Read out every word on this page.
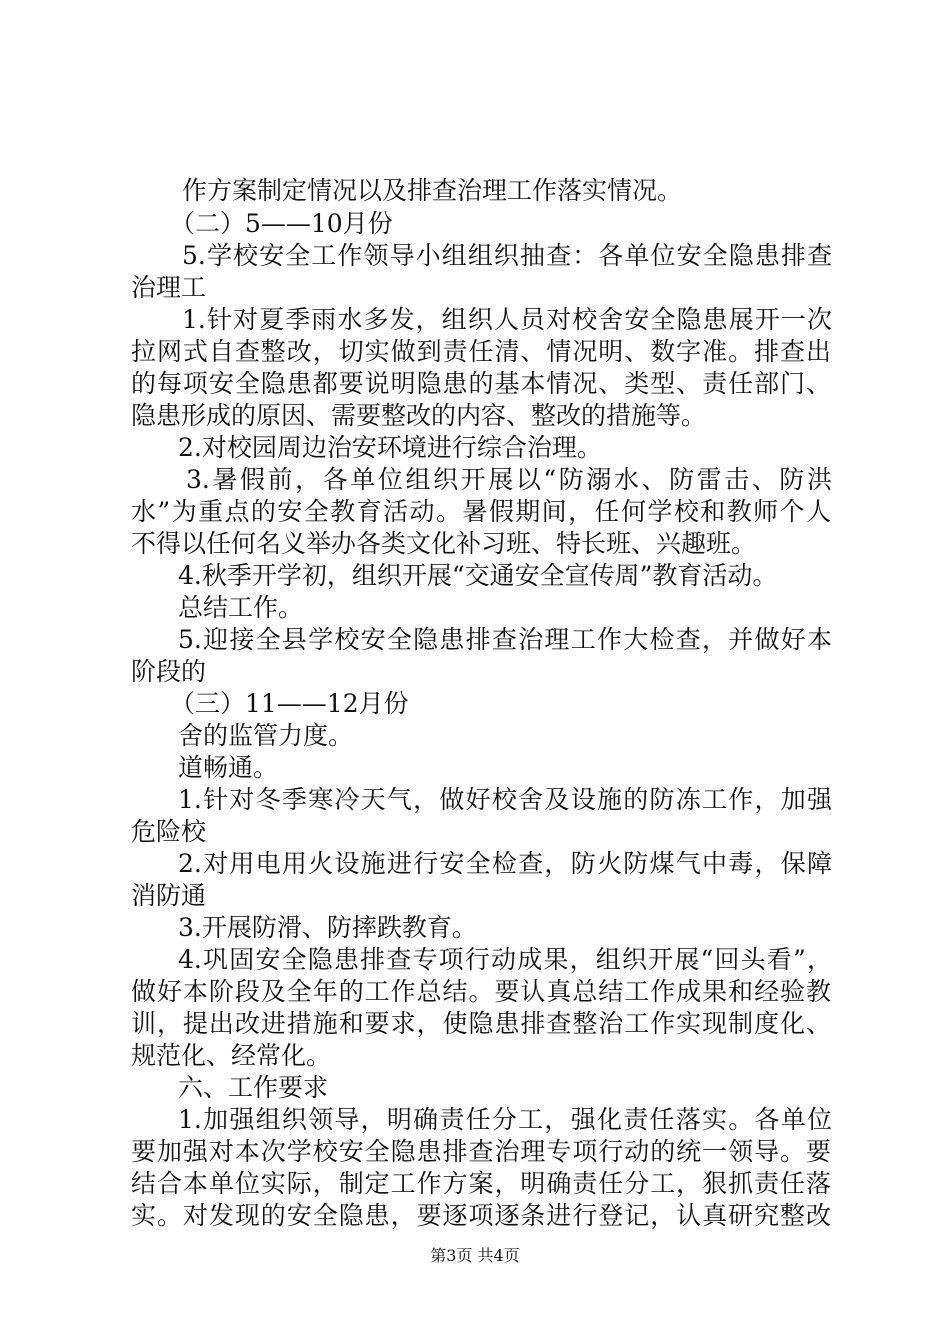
作方案制定情况以及排查治理工作落实情况。
（二）5——10月份
5.学校安全工作领导小组组织抽查：各单位安全隐患排查
治理工
1.针对夏季雨水多发，组织人员对校舍安全隐患展开一次
拉网式自查整改，切实做到责任清、情况明、数字准。排查出
的每项安全隐患都要说明隐患的基本情况、类型、责任部门、
隐患形成的原因、需要整改的内容、整改的措施等。
2.对校园周边治安环境进行综合治理。
3.暑假前，各单位组织开展以“防溺水、防雷击、防洪
水”为重点的安全教育活动。暑假期间，任何学校和教师个人
不得以任何名义举办各类文化补习班、特长班、兴趣班。
4.秋季开学初，组织开展“交通安全宣传周”教育活动。
总结工作。
5.迎接全县学校安全隐患排查治理工作大检查，并做好本
阶段的
（三）11——12月份
舍的监管力度。
道畅通。
1.针对冬季寒冷天气，做好校舍及设施的防冻工作，加强
危险校
2.对用电用火设施进行安全检查，防火防煤气中毒，保障
消防通
3.开展防滑、防摔跌教育。
4.巩固安全隐患排查专项行动成果，组织开展“回头看”，
做好本阶段及全年的工作总结。要认真总结工作成果和经验教
训，提出改进措施和要求，使隐患排查整治工作实现制度化、
规范化、经常化。
六、工作要求
1.加强组织领导，明确责任分工，强化责任落实。各单位
要加强对本次学校安全隐患排查治理专项行动的统一领导。要
结合本单位实际，制定工作方案，明确责任分工，狠抓责任落
实。对发现的安全隐患，要逐项逐条进行登记，认真研究整改
第3页 共4页
